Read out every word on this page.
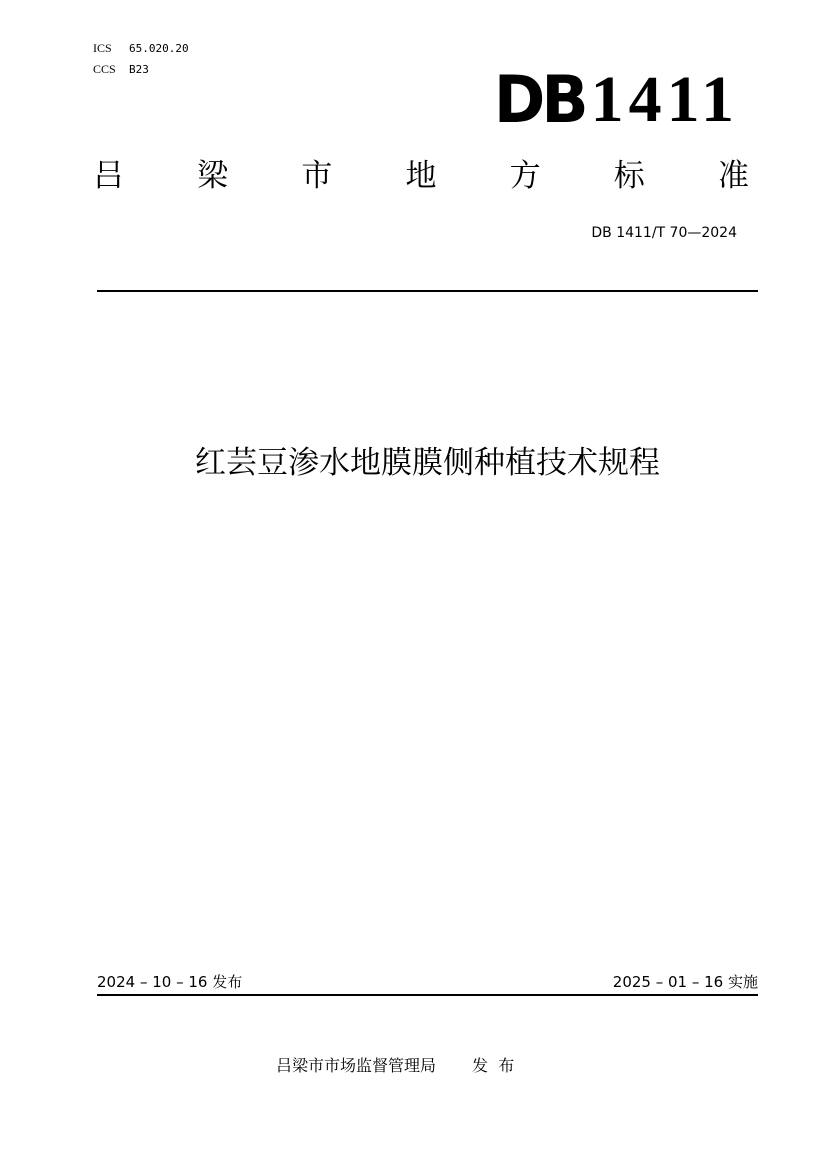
ICS 65.020.20
CCS B23	DB 1411
吕 梁 市 地 方 标 准
DB 1411/T 70—2024
红芸豆渗水地膜膜侧种植技术规程
2024 – 10 – 16 发布	2025 – 01 – 16 实施
吕梁市市场监督管理局 发  布
